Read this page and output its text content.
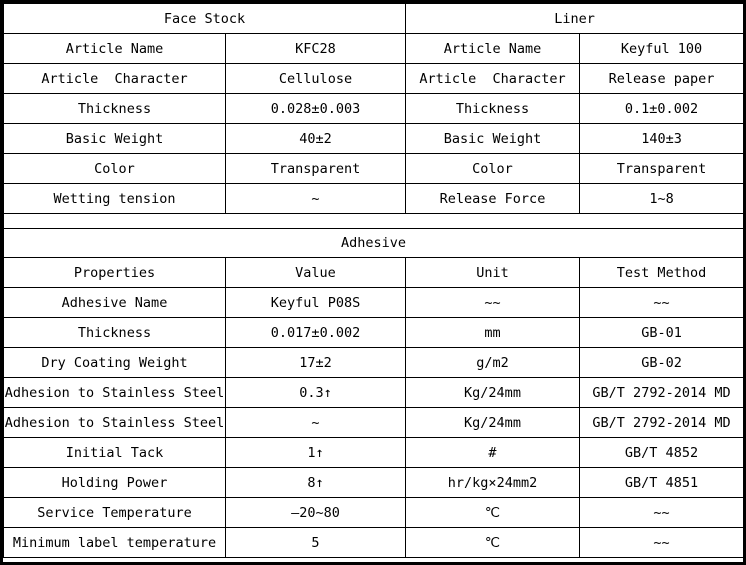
Face Stock		Liner	
Article Name	KFC28	Article Name	Keyful 100
Article  Character	Cellulose	Article  Character	Release paper
Thickness	0.028±0.003	Thickness	0.1±0.002
Basic Weight	40±2	Basic Weight	140±3
Color	Transparent	Color	Transparent
Wetting tension	~	Release Force	1~8

Adhesive			
Properties	Value	Unit	Test Method
Adhesive Name	Keyful P08S	~~	~~
Thickness	0.017±0.002	mm	GB-01
Dry Coating Weight	17±2	g/m2	GB-02
Adhesion to Stainless Steel	0.3↑	Kg/24mm	GB/T 2792-2014 MD
Adhesion to Stainless Steel	~	Kg/24mm	GB/T 2792-2014 MD
Initial Tack	1↑	#	GB/T 4852
Holding Power	8↑	hr/kg×24mm2	GB/T 4851
Service Temperature	—20~80	℃	~~
Minimum label temperature	5	℃	~~
